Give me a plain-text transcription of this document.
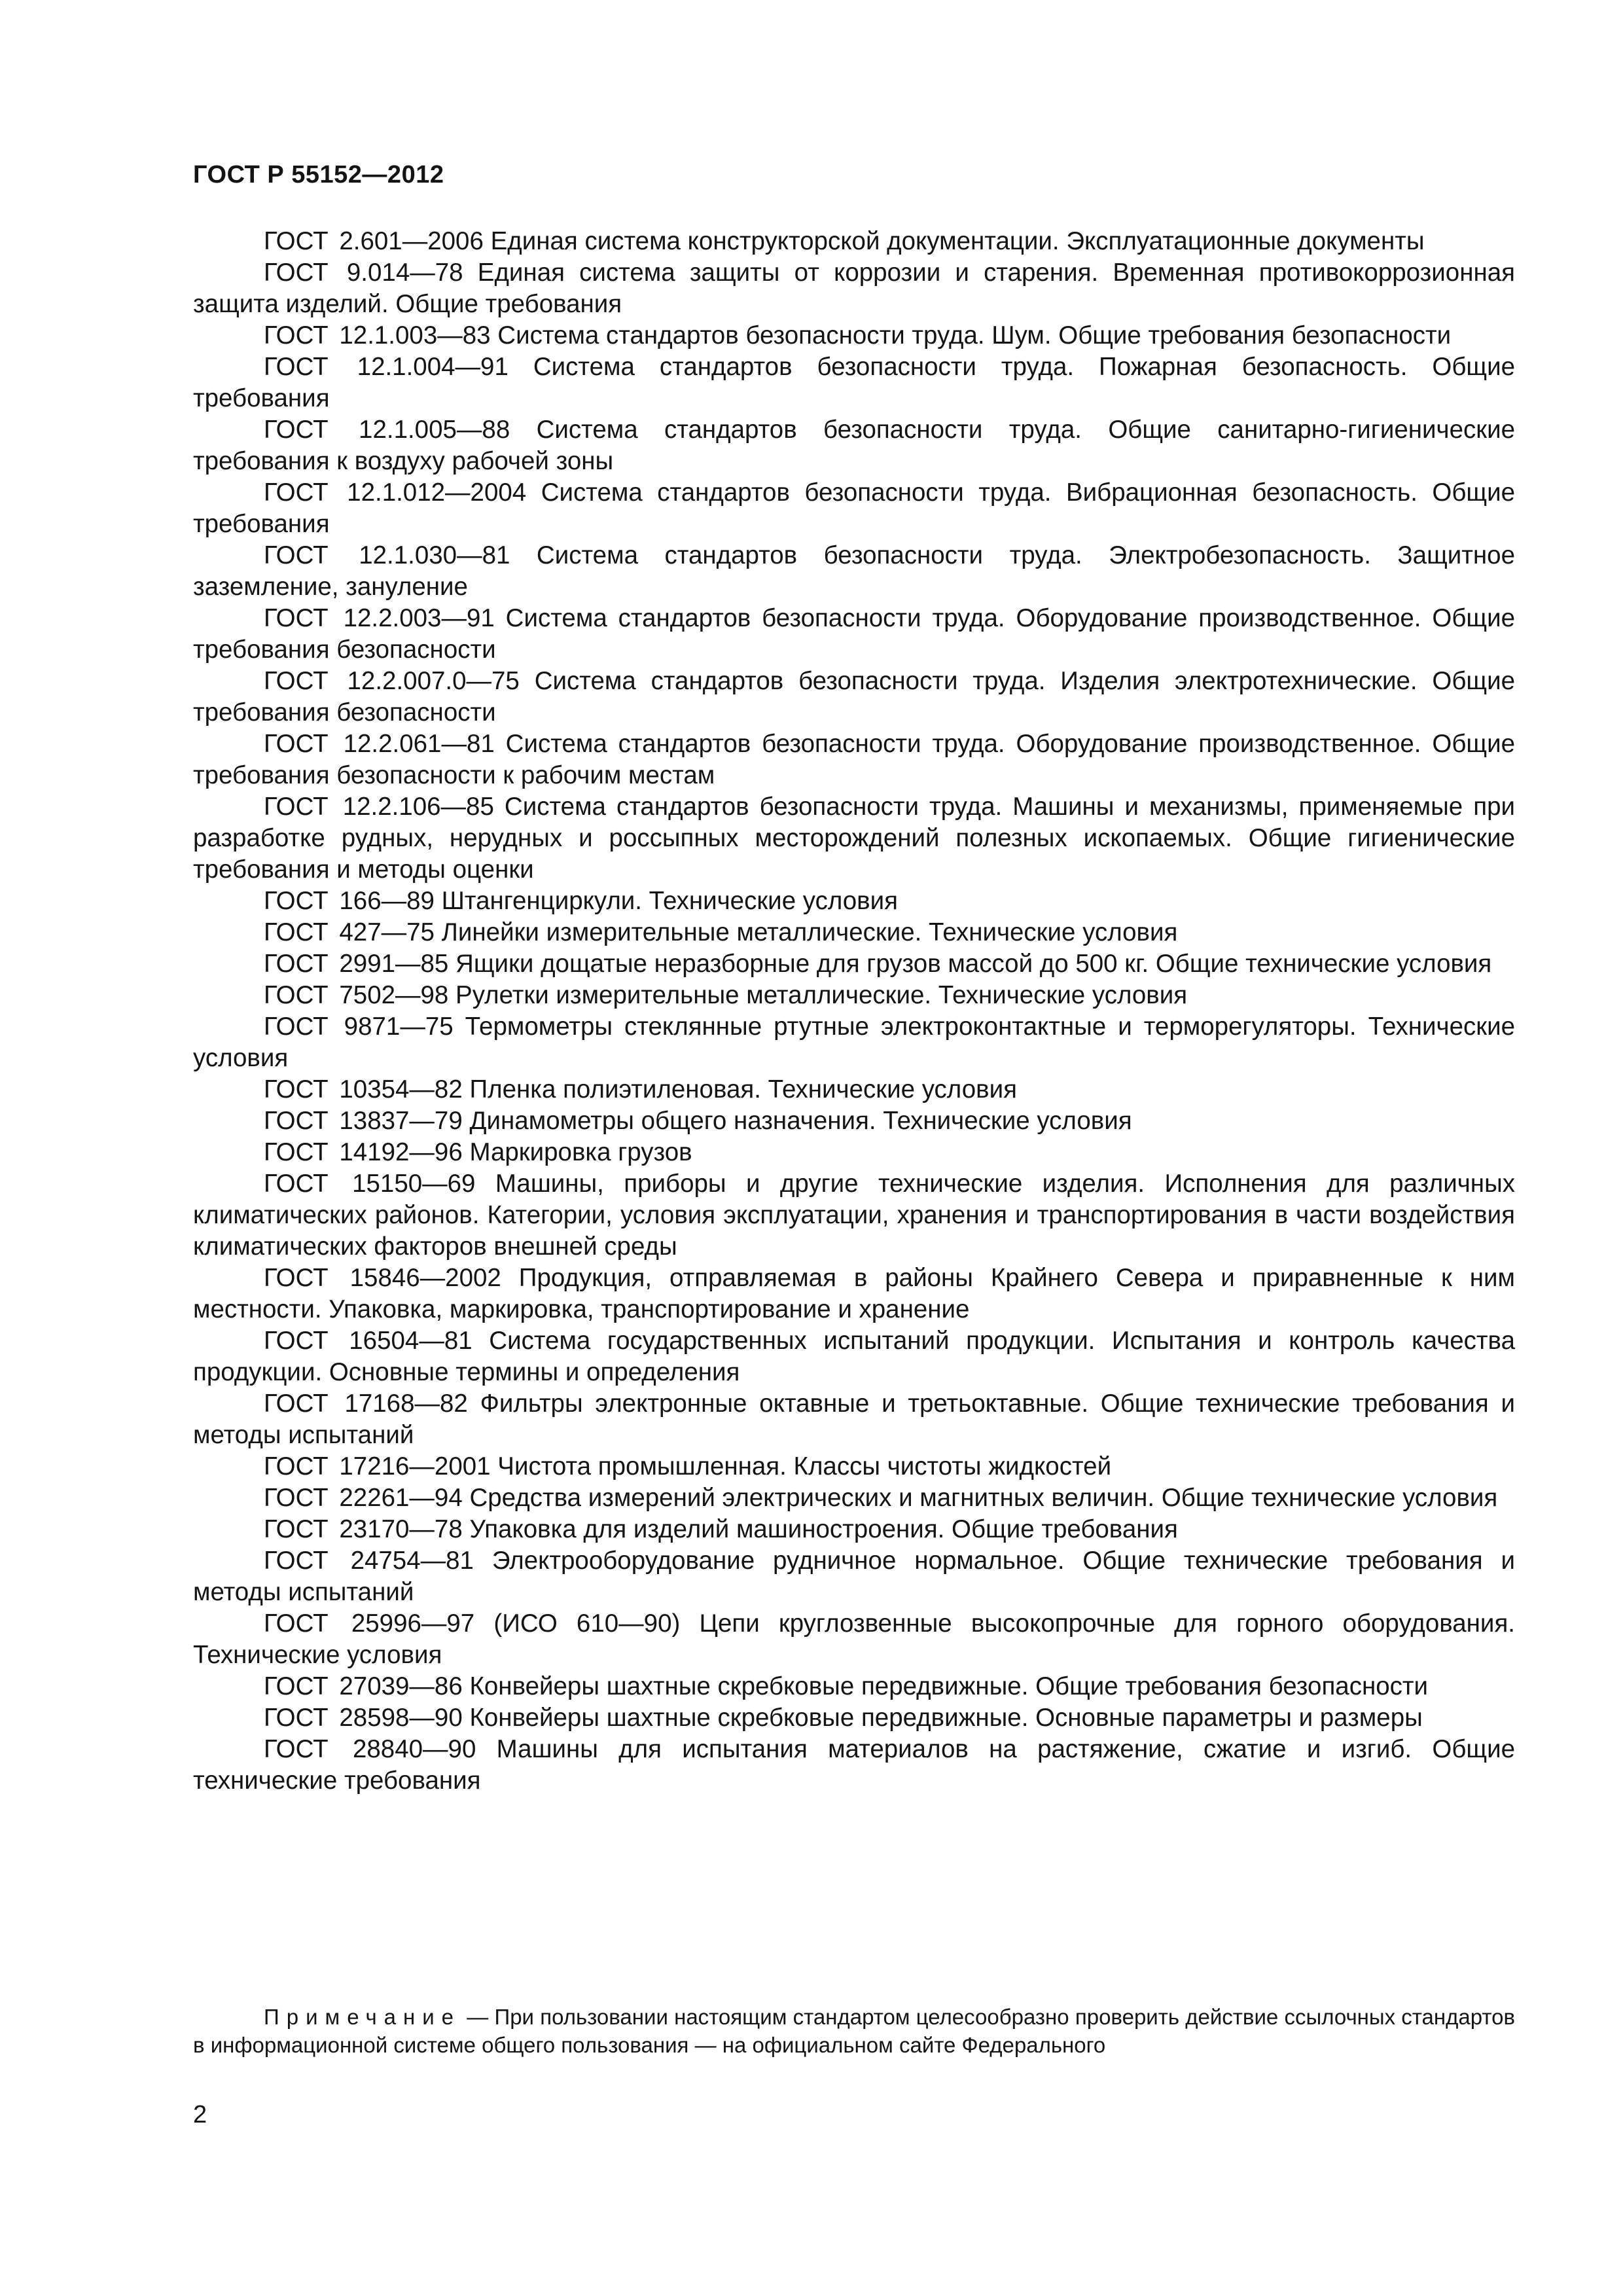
ГОСТ Р 55152—2012
ГОСТ 2.601—2006 Единая система конструкторской документации. Эксплуатационные документы
ГОСТ 9.014—78 Единая система защиты от коррозии и старения. Временная противокоррозионная защита изделий. Общие требования
ГОСТ 12.1.003—83 Система стандартов безопасности труда. Шум. Общие требования безопасности
ГОСТ 12.1.004—91 Система стандартов безопасности труда. Пожарная безопасность. Общие требования
ГОСТ 12.1.005—88 Система стандартов безопасности труда. Общие санитарно-гигиенические требования к воздуху рабочей зоны
ГОСТ 12.1.012—2004 Система стандартов безопасности труда. Вибрационная безопасность. Общие требования
ГОСТ 12.1.030—81 Система стандартов безопасности труда. Электробезопасность. Защитное заземление, зануление
ГОСТ 12.2.003—91 Система стандартов безопасности труда. Оборудование производственное. Общие требования безопасности
ГОСТ 12.2.007.0—75 Система стандартов безопасности труда. Изделия электротехнические. Общие требования безопасности
ГОСТ 12.2.061—81 Система стандартов безопасности труда. Оборудование производственное. Общие требования безопасности к рабочим местам
ГОСТ 12.2.106—85 Система стандартов безопасности труда. Машины и механизмы, применяемые при разработке рудных, нерудных и россыпных месторождений полезных ископаемых. Общие гигиенические требования и методы оценки
ГОСТ 166—89 Штангенциркули. Технические условия
ГОСТ 427—75 Линейки измерительные металлические. Технические условия
ГОСТ 2991—85 Ящики дощатые неразборные для грузов массой до 500 кг. Общие технические условия
ГОСТ 7502—98 Рулетки измерительные металлические. Технические условия
ГОСТ 9871—75 Термометры стеклянные ртутные электроконтактные и терморегуляторы. Технические условия
ГОСТ 10354—82 Пленка полиэтиленовая. Технические условия
ГОСТ 13837—79 Динамометры общего назначения. Технические условия
ГОСТ 14192—96 Маркировка грузов
ГОСТ 15150—69 Машины, приборы и другие технические изделия. Исполнения для различных климатических районов. Категории, условия эксплуатации, хранения и транспортирования в части воздействия климатических факторов внешней среды
ГОСТ 15846—2002 Продукция, отправляемая в районы Крайнего Севера и приравненные к ним местности. Упаковка, маркировка, транспортирование и хранение
ГОСТ 16504—81 Система государственных испытаний продукции. Испытания и контроль качества продукции. Основные термины и определения
ГОСТ 17168—82 Фильтры электронные октавные и третьоктавные. Общие технические требования и методы испытаний
ГОСТ 17216—2001 Чистота промышленная. Классы чистоты жидкостей
ГОСТ 22261—94 Средства измерений электрических и магнитных величин. Общие технические условия
ГОСТ 23170—78 Упаковка для изделий машиностроения. Общие требования
ГОСТ 24754—81 Электрооборудование рудничное нормальное. Общие технические требования и методы испытаний
ГОСТ 25996—97 (ИСО 610—90) Цепи круглозвенные высокопрочные для горного оборудования. Технические условия
ГОСТ 27039—86 Конвейеры шахтные скребковые передвижные. Общие требования безопасности
ГОСТ 28598—90 Конвейеры шахтные скребковые передвижные. Основные параметры и размеры
ГОСТ 28840—90 Машины для испытания материалов на растяжение, сжатие и изгиб. Общие технические требования

Примечание — При пользовании настоящим стандартом целесообразно проверить действие ссылочных стандартов в информационной системе общего пользования — на официальном сайте Федерального

2
